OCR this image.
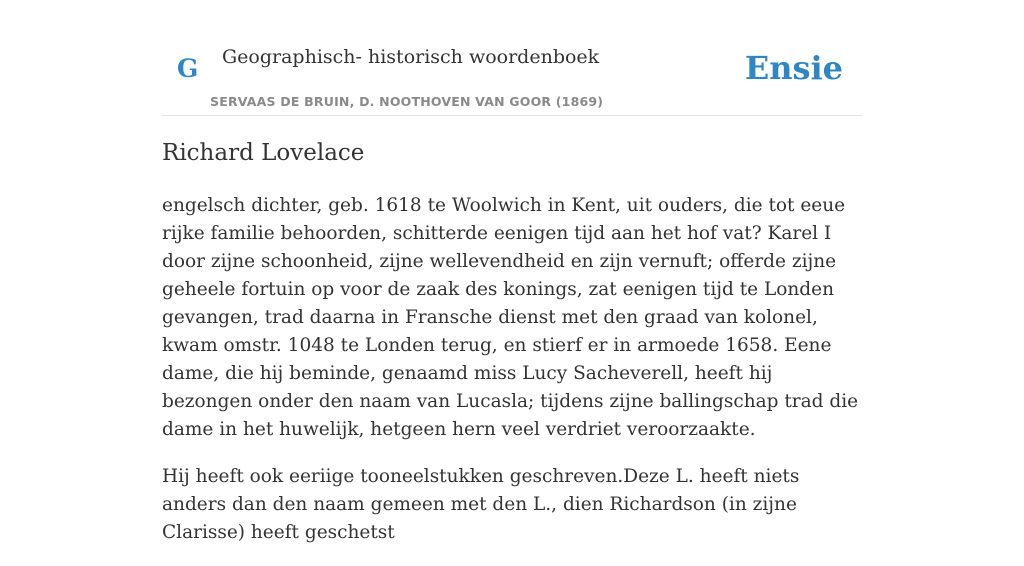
G Geographisch- historisch woordenboek
SERVAAS DE BRUIN, D. NOOTHOVEN VAN GOOR (1869)
Ensie
Richard Lovelace

engelsch dichter, geb. 1618 te Woolwich in Kent, uit ouders, die tot eeue rijke familie behoorden, schitterde eenigen tijd aan het hof vat? Karel I door zijne schoonheid, zijne wellevendheid en zijn vernuft; offerde zijne geheele fortuin op voor de zaak des konings, zat eenigen tijd te Londen gevangen, trad daarna in Fransche dienst met den graad van kolonel, kwam omstr. 1048 te Londen terug, en stierf er in armoede 1658. Eene dame, die hij beminde, genaamd miss Lucy Sacheverell, heeft hij bezongen onder den naam van Lucasla; tijdens zijne ballingschap trad die dame in het huwelijk, hetgeen hern veel verdriet veroorzaakte.

Hij heeft ook eeriige tooneelstukken geschreven.Deze L. heeft niets anders dan den naam gemeen met den L., dien Richardson (in zijne Clarisse) heeft geschetst
